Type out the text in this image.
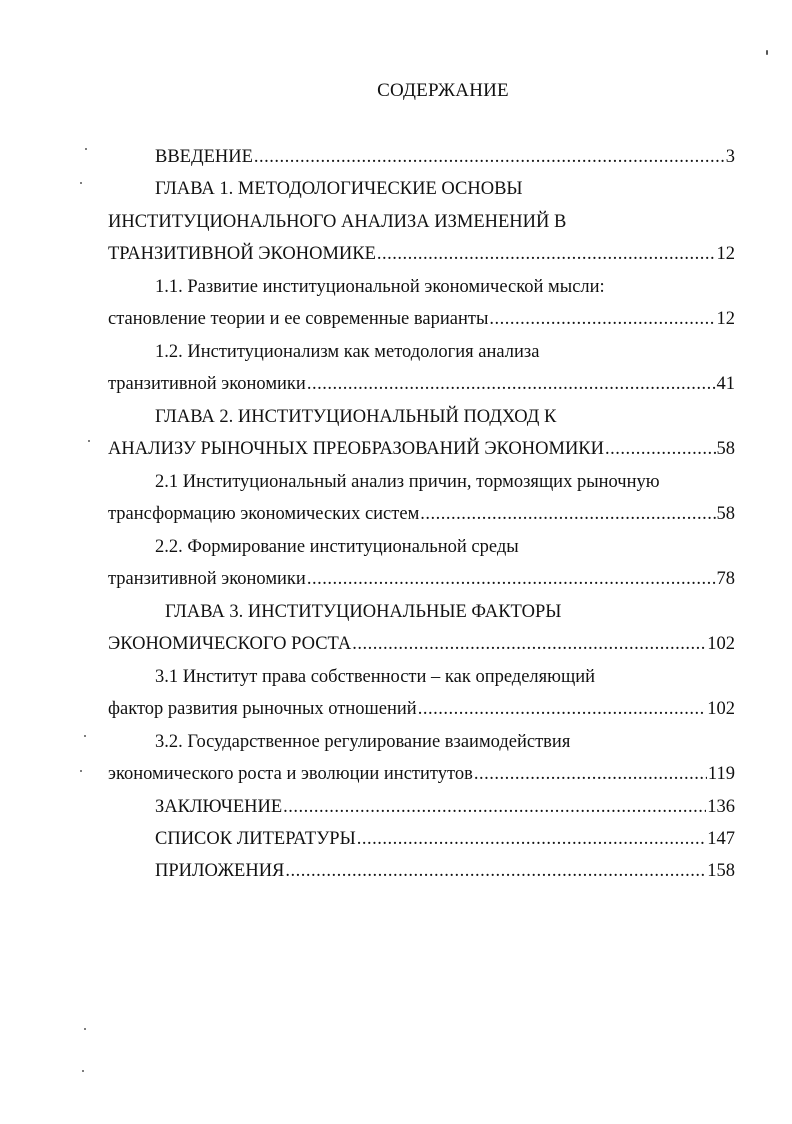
СОДЕРЖАНИЕ
ВВЕДЕНИЕ .....	3
ГЛАВА 1. МЕТОДОЛОГИЧЕСКИЕ ОСНОВЫ
ИНСТИТУЦИОНАЛЬНОГО АНАЛИЗА ИЗМЕНЕНИЙ В
ТРАНЗИТИВНОЙ ЭКОНОМИКЕ .....	12
1.1. Развитие институциональной экономической мысли:
становление теории и ее современные варианты .....	12
1.2. Институционализм как методология анализа
транзитивной экономики .....	41
ГЛАВА 2. ИНСТИТУЦИОНАЛЬНЫЙ ПОДХОД К
АНАЛИЗУ РЫНОЧНЫХ ПРЕОБРАЗОВАНИЙ ЭКОНОМИКИ .....	58
2.1 Институциональный анализ причин, тормозящих рыночную
трансформацию экономических систем .....	58
2.2. Формирование институциональной среды
транзитивной экономики .....	78
ГЛАВА 3. ИНСТИТУЦИОНАЛЬНЫЕ ФАКТОРЫ
ЭКОНОМИЧЕСКОГО РОСТА .....	102
3.1 Институт права собственности – как определяющий
фактор развития рыночных отношений .....	102
3.2. Государственное регулирование взаимодействия
экономического роста и эволюции институтов .....	119
ЗАКЛЮЧЕНИЕ .....	136
СПИСОК ЛИТЕРАТУРЫ .....	147
ПРИЛОЖЕНИЯ .....	158
